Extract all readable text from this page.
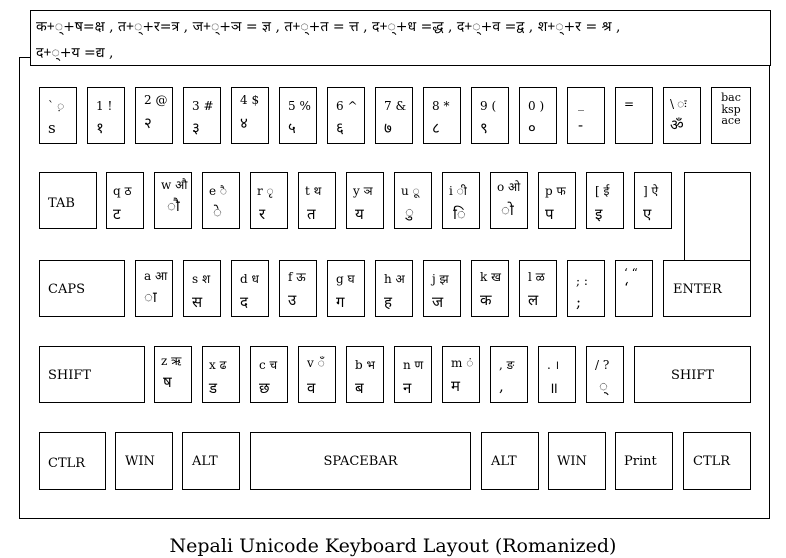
क+्+ष=क्ष , त+्+र=त्र , ज+्+ञ = ज्ञ , त+्+त = त्त , द+्+ध =द्ध , द+्+व =द्व , श+्+र = श्र ,
द+्+य =द्य ,
` ़
s
1 !
१
2 @
२
3 #
३
4 $
४
5 %
५
6 ^
६
7 &
७
8 *
८
9 (
९
0 )
०
_
-
=	\ ः
ॐ
bac
ksp
ace
TAB
q ठ
ट
w औ
ौ
e ै
े
r ृ
र
t थ
त
y ञ
य
u ू
ु
i ी
ि
o ओ
ो
p फ
प
[ ई
इ
] ऐ
ए
CAPS
a आ
ा
s श
स
d ध
द
f ऊ
उ
g घ
ग
h अ
ह
j झ
ज
k ख
क
l ळ
ल
; :
;
‘ “
‘	ENTER
SHIFT
z ऋ
ष
x ढ
ड
c च
छ
v ँ
व
b भ
ब
n ण
न
m ं
म
, ङ
,
. ।
॥
/ ?
्
SHIFT
CTLR	WIN	ALT	SPACEBAR	ALT	WIN	Print	CTLR
Nepali Unicode Keyboard Layout (Romanized)
